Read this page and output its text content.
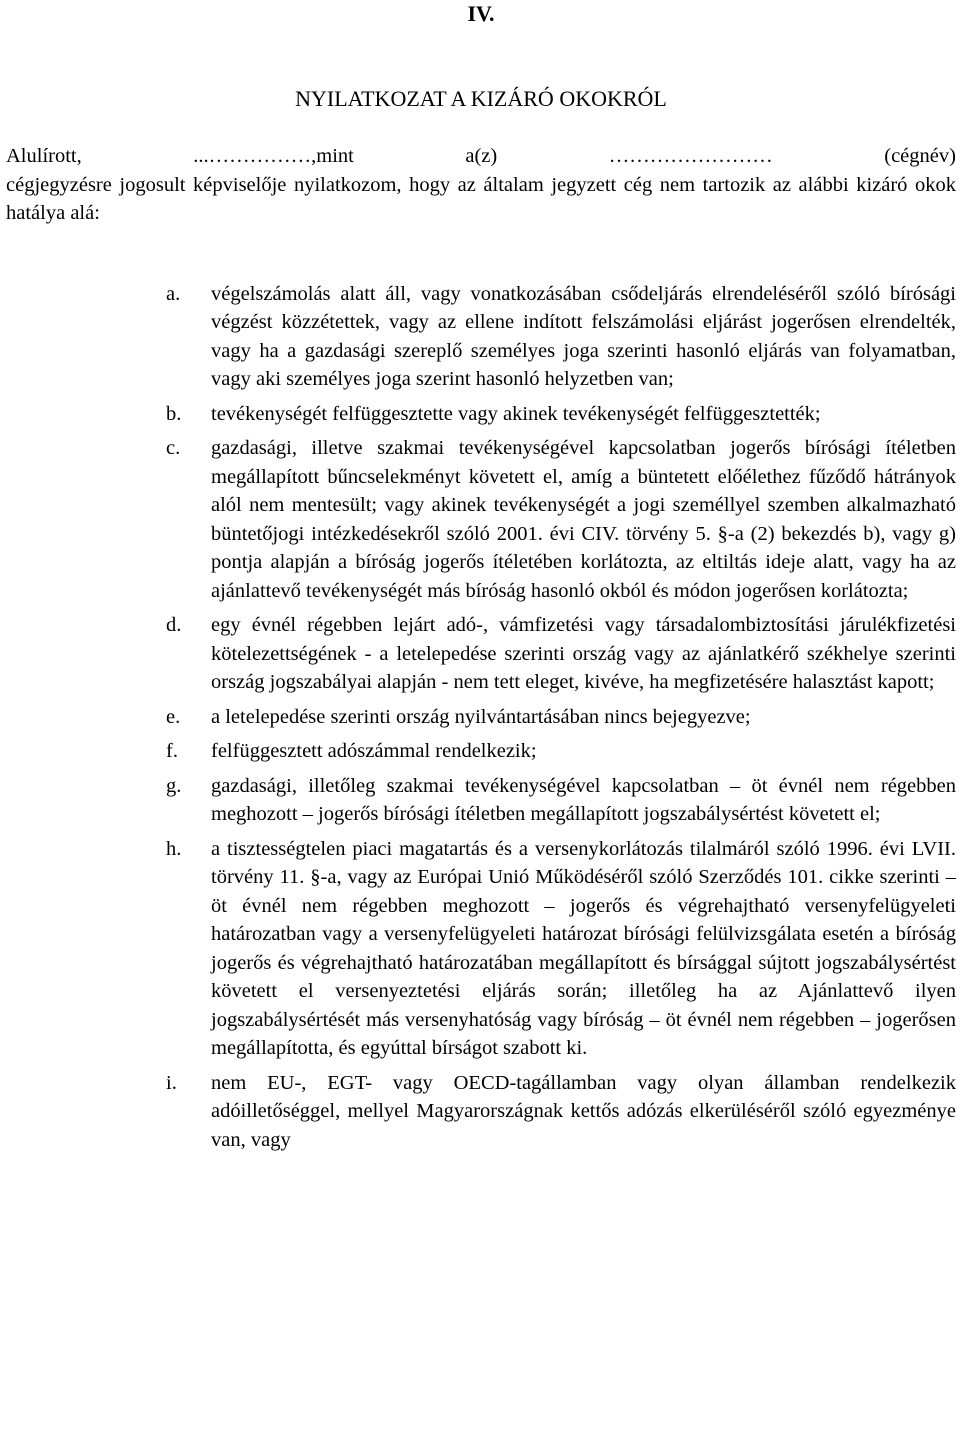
IV.
NYILATKOZAT A KIZÁRÓ OKOKRÓL
Alulírott,	...……………,mint	a(z)	……………………	(cégnév)
cégjegyzésre jogosult képviselője nyilatkozom, hogy az általam jegyzett cég nem tartozik az alábbi kizáró okok hatálya alá:
a.	végelszámolás alatt áll, vagy vonatkozásában csődeljárás elrendeléséről szóló bírósági végzést közzétettek, vagy az ellene indított felszámolási eljárást jogerősen elrendelték, vagy ha a gazdasági szereplő személyes joga szerinti hasonló eljárás van folyamatban, vagy aki személyes joga szerint hasonló helyzetben van;
b.	tevékenységét felfüggesztette vagy akinek tevékenységét felfüggesztették;
c.	gazdasági, illetve szakmai tevékenységével kapcsolatban jogerős bírósági ítéletben megállapított bűncselekményt követett el, amíg a büntetett előélethez fűződő hátrányok alól nem mentesült; vagy akinek tevékenységét a jogi személlyel szemben alkalmazható büntetőjogi intézkedésekről szóló 2001. évi CIV. törvény 5. §-a (2) bekezdés b), vagy g) pontja alapján a bíróság jogerős ítéletében korlátozta, az eltiltás ideje alatt, vagy ha az ajánlattevő tevékenységét más bíróság hasonló okból és módon jogerősen korlátozta;
d.	egy évnél régebben lejárt adó-, vámfizetési vagy társadalombiztosítási járulékfizetési kötelezettségének - a letelepedése szerinti ország vagy az ajánlatkérő székhelye szerinti ország jogszabályai alapján - nem tett eleget, kivéve, ha megfizetésére halasztást kapott;
e.	a letelepedése szerinti ország nyilvántartásában nincs bejegyezve;
f.	felfüggesztett adószámmal rendelkezik;
g.	gazdasági, illetőleg szakmai tevékenységével kapcsolatban – öt évnél nem régebben meghozott – jogerős bírósági ítéletben megállapított jogszabálysértést követett el;
h.	a tisztességtelen piaci magatartás és a versenykorlátozás tilalmáról szóló 1996. évi LVII. törvény 11. §-a, vagy az Európai Unió Működéséről szóló Szerződés 101. cikke szerinti – öt évnél nem régebben meghozott – jogerős és végrehajtható versenyfelügyeleti határozatban vagy a versenyfelügyeleti határozat bírósági felülvizsgálata esetén a bíróság jogerős és végrehajtható határozatában megállapított és bírsággal sújtott jogszabálysértést követett el versenyeztetési eljárás során; illetőleg ha az Ajánlattevő ilyen jogszabálysértését más versenyhatóság vagy bíróság – öt évnél nem régebben – jogerősen megállapította, és egyúttal bírságot szabott ki.
i.	nem EU-, EGT- vagy OECD-tagállamban vagy olyan államban rendelkezik adóilletőséggel, mellyel Magyarországnak kettős adózás elkerüléséről szóló egyezménye van, vagy
